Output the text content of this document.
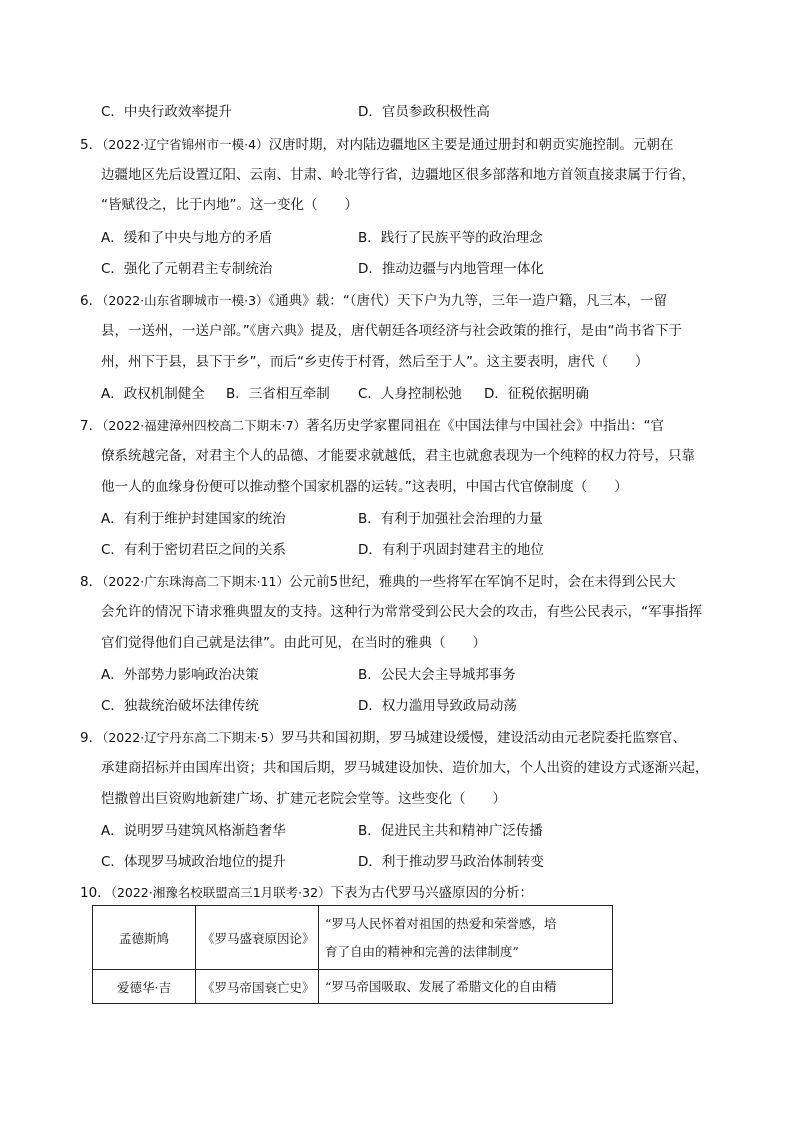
C．中央行政效率提升	D．官员参政积极性高
5．（2022·辽宁省锦州市一模·4）汉唐时期，对内陆边疆地区主要是通过册封和朝贡实施控制。元朝在
边疆地区先后设置辽阳、云南、甘肃、岭北等行省，边疆地区很多部落和地方首领直接隶属于行省，
“皆赋役之，比于内地”。这一变化（　　）
A．缓和了中央与地方的矛盾	B．践行了民族平等的政治理念
C．强化了元朝君主专制统治	D．推动边疆与内地管理一体化
6．（2022·山东省聊城市一模·3）《通典》载：“（唐代）天下户为九等，三年一造户籍，凡三本，一留
县，一送州，一送户部。”《唐六典》提及，唐代朝廷各项经济与社会政策的推行，是由“尚书省下于
州，州下于县，县下于乡”，而后“乡吏传于村胥，然后至于人”。这主要表明，唐代（　　）
A．政权机制健全 B．三省相互牵制 C．人身控制松弛 D．征税依据明确
7．（2022·福建漳州四校高二下期末·7）著名历史学家瞿同祖在《中国法律与中国社会》中指出：“官
僚系统越完备，对君主个人的品德、才能要求就越低，君主也就愈表现为一个纯粹的权力符号，只靠
他一人的血缘身份便可以推动整个国家机器的运转。”这表明，中国古代官僚制度（　　）
A．有利于维护封建国家的统治	B．有利于加强社会治理的力量
C．有利于密切君臣之间的关系	D．有利于巩固封建君主的地位
8．（2022·广东珠海高二下期末·11）公元前5世纪，雅典的一些将军在军饷不足时，会在未得到公民大
会允许的情况下请求雅典盟友的支持。这种行为常常受到公民大会的攻击，有些公民表示，“军事指挥
官们觉得他们自己就是法律”。由此可见，在当时的雅典（　　）
A．外部势力影响政治决策	B．公民大会主导城邦事务
C．独裁统治破坏法律传统	D．权力滥用导致政局动荡
9．（2022·辽宁丹东高二下期末·5）罗马共和国初期，罗马城建设缓慢，建设活动由元老院委托监察官、
承建商招标并由国库出资；共和国后期，罗马城建设加快、造价加大，个人出资的建设方式逐渐兴起，
恺撒曾出巨资购地新建广场、扩建元老院会堂等。这些变化（　　）
A．说明罗马建筑风格渐趋奢华	B．促进民主共和精神广泛传播
C．体现罗马城政治地位的提升	D．利于推动罗马政治体制转变
10．（2022·湘豫名校联盟高三1月联考·32）下表为古代罗马兴盛原因的分析：
孟德斯鸠	《罗马盛衰原因论》	“罗马人民怀着对祖国的热爱和荣誉感，培
育了自由的精神和完善的法律制度”

爱德华·吉	《罗马帝国衰亡史》	“罗马帝国吸取、发展了希腊文化的自由精
